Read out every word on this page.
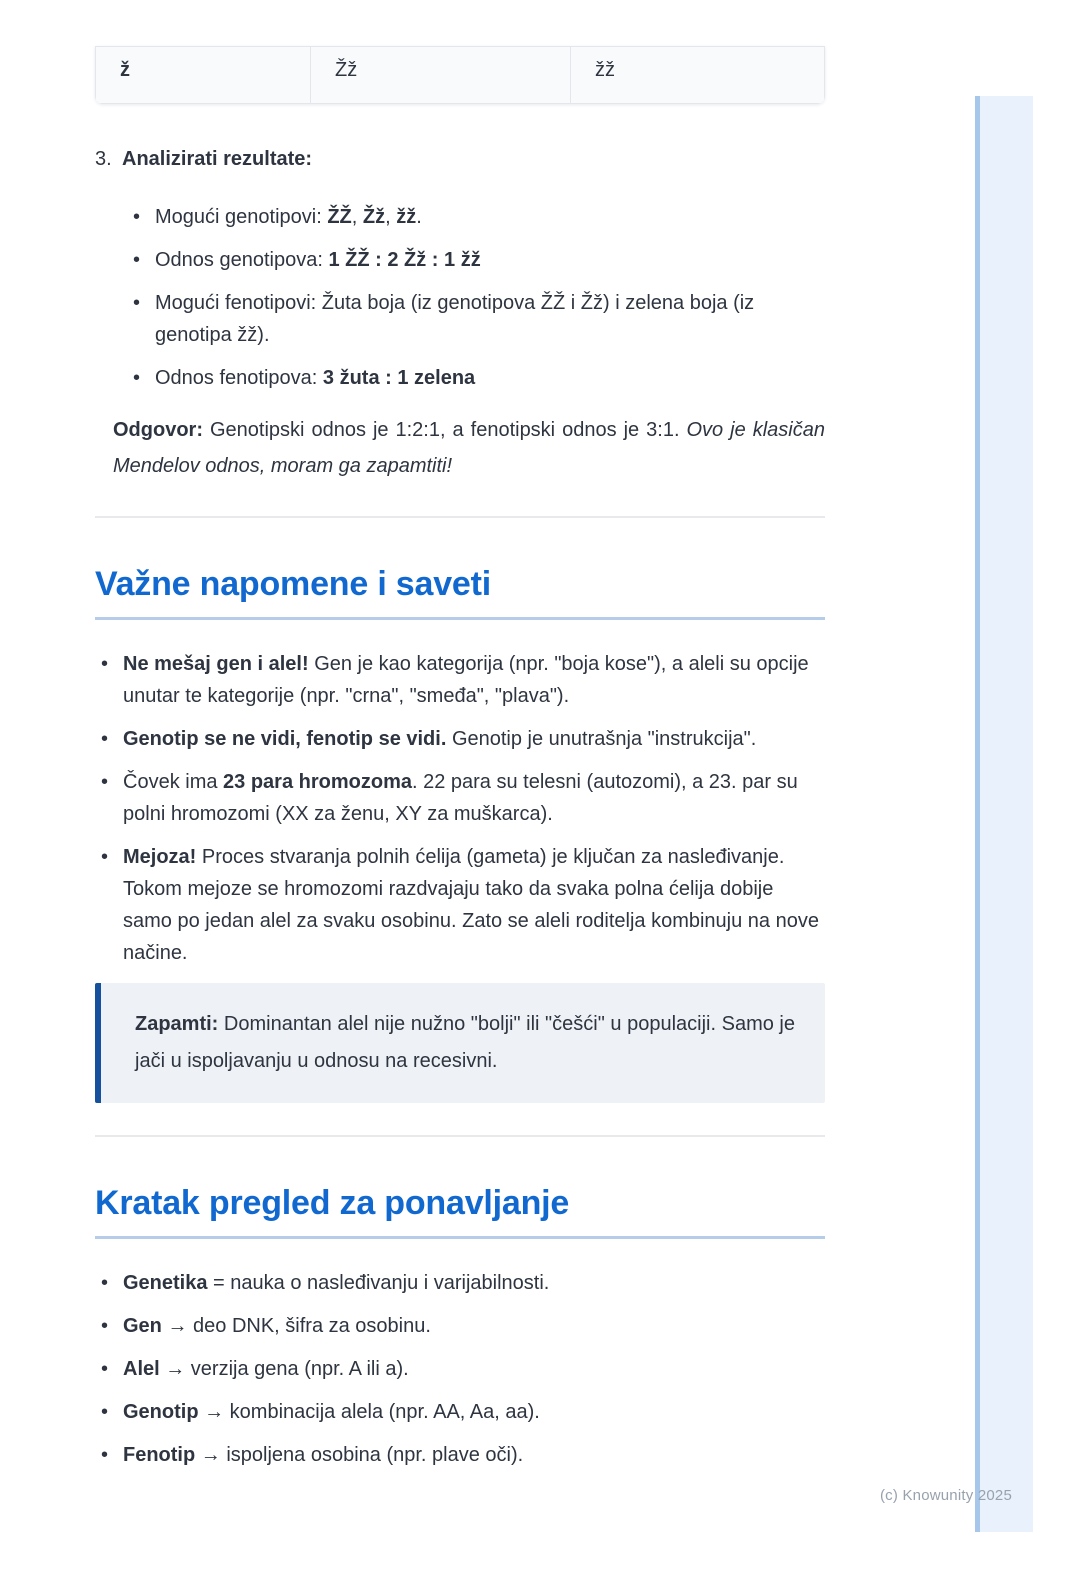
(c) Knowunity 2025
ž	Žž	žž
3. Analizirati rezultate:
• Mogući genotipovi: ŽŽ, Žž, žž.
• Odnos genotipova: 1 ŽŽ : 2 Žž : 1 žž
• Mogući fenotipovi: Žuta boja (iz genotipova ŽŽ i Žž) i zelena boja (iz genotipa žž).
• Odnos fenotipova: 3 žuta : 1 zelena

Odgovor: Genotipski odnos je 1:2:1, a fenotipski odnos je 3:1. Ovo je klasičan Mendelov odnos, moram ga zapamtiti!

Važne napomene i saveti
• Ne mešaj gen i alel! Gen je kao kategorija (npr. "boja kose"), a aleli su opcije unutar te kategorije (npr. "crna", "smeđa", "plava").
• Genotip se ne vidi, fenotip se vidi. Genotip je unutrašnja "instrukcija".
• Čovek ima 23 para hromozoma. 22 para su telesni (autozomi), a 23. par su polni hromozomi (XX za ženu, XY za muškarca).
• Mejoza! Proces stvaranja polnih ćelija (gameta) je ključan za nasleđivanje. Tokom mejoze se hromozomi razdvajaju tako da svaka polna ćelija dobije samo po jedan alel za svaku osobinu. Zato se aleli roditelja kombinuju na nove načine.
Zapamti: Dominantan alel nije nužno "bolji" ili "češći" u populaciji. Samo je jači u ispoljavanju u odnosu na recesivni.
Kratak pregled za ponavljanje
• Genetika = nauka o nasleđivanju i varijabilnosti.
• Gen → deo DNK, šifra za osobinu.
• Alel → verzija gena (npr. A ili a).
• Genotip → kombinacija alela (npr. AA, Aa, aa).
• Fenotip → ispoljena osobina (npr. plave oči).
